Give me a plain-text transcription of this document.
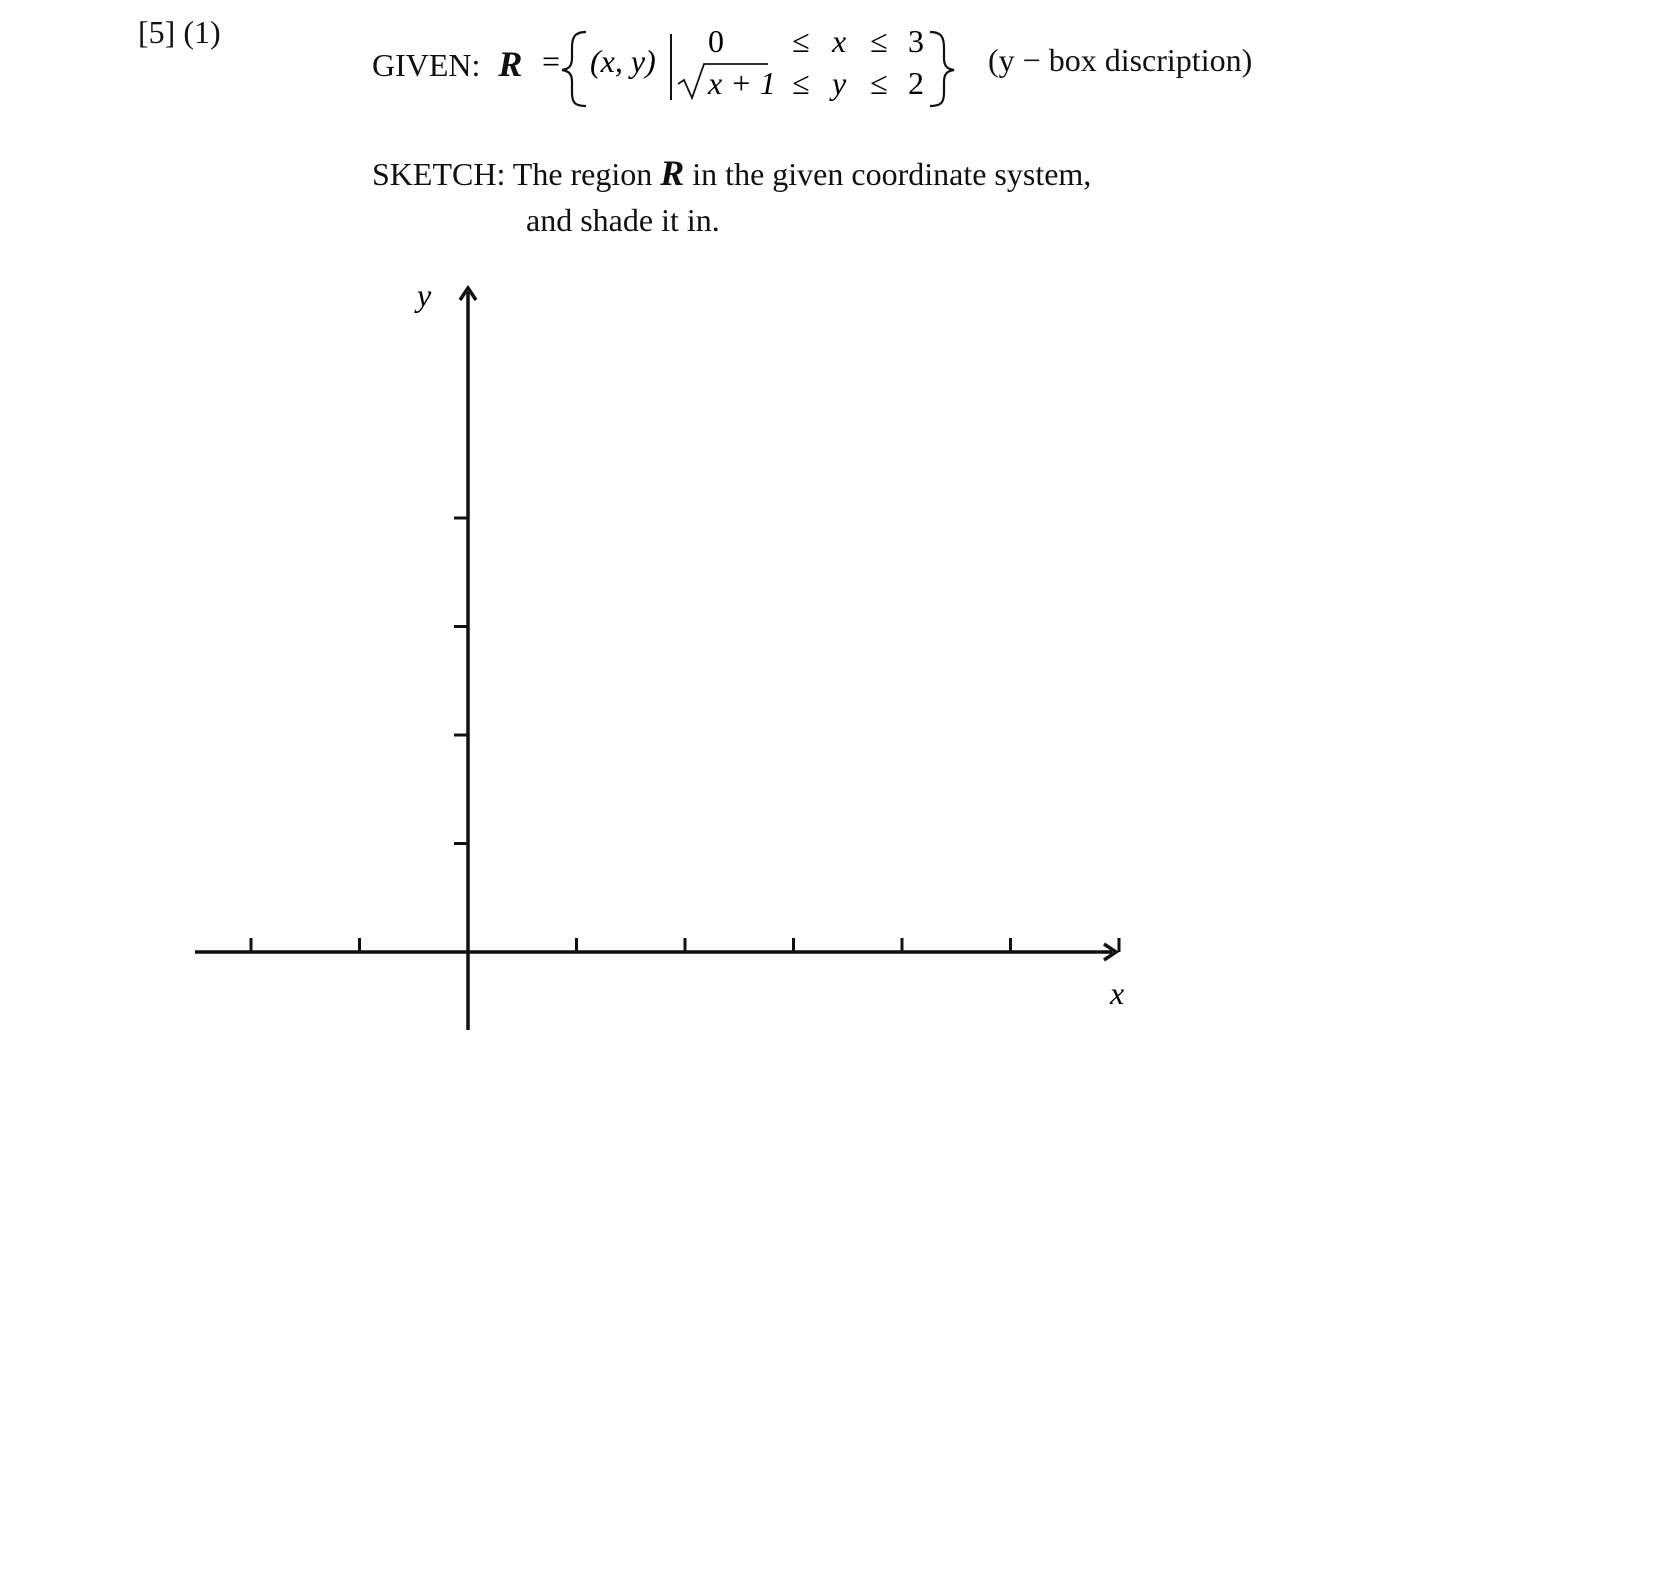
[5] (1)
GIVEN: R = (x, y)
0 ≤ x ≤ 3
x + 1 ≤ y ≤ 2
(y − box discription)
SKETCH: The region R in the given coordinate system,
and shade it in.
y
x
